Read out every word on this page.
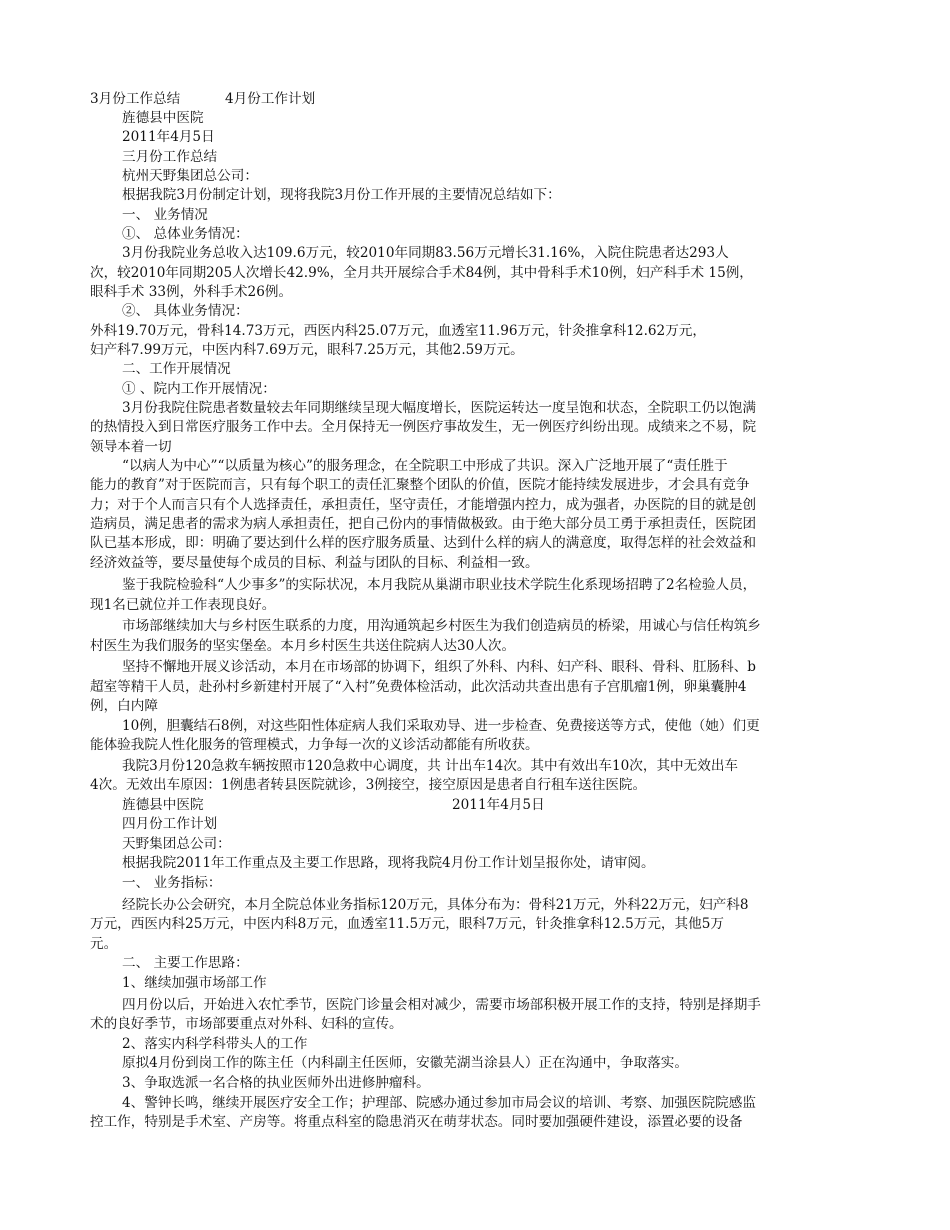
3月份工作总结	4月份工作计划
旌德县中医院
2011年4月5日
三月份工作总结
杭州天野集团总公司：
根据我院3月份制定计划，现将我院3月份工作开展的主要情况总结如下：
一、 业务情况
①、 总体业务情况：
3月份我院业务总收入达109.6万元，较2010年同期83.56万元增长31.16%，入院住院患者达293人
次，较2010年同期205人次增长42.9%，全月共开展综合手术84例，其中骨科手术10例，妇产科手术 15例，
眼科手术 33例，外科手术26例。
②、 具体业务情况：
外科19.70万元，骨科14.73万元，西医内科25.07万元，血透室11.96万元，针灸推拿科12.62万元，
妇产科7.99万元，中医内科7.69万元，眼科7.25万元，其他2.59万元。
二、工作开展情况
① 、院内工作开展情况：
3月份我院住院患者数量较去年同期继续呈现大幅度增长，医院运转达一度呈饱和状态，全院职工仍以饱满
的热情投入到日常医疗服务工作中去。全月保持无一例医疗事故发生，无一例医疗纠纷出现。成绩来之不易，院
领导本着一切
“以病人为中心”“以质量为核心”的服务理念，在全院职工中形成了共识。深入广泛地开展了“责任胜于
能力的教育”对于医院而言，只有每个职工的责任汇聚整个团队的价值，医院才能持续发展进步，才会具有竞争
力；对于个人而言只有个人选择责任，承担责任，坚守责任，才能增强内控力，成为强者，办医院的目的就是创
造病员，满足患者的需求为病人承担责任，把自己份内的事情做极致。由于绝大部分员工勇于承担责任，医院团
队已基本形成，即：明确了要达到什么样的医疗服务质量、达到什么样的病人的满意度，取得怎样的社会效益和
经济效益等，要尽量使每个成员的目标、利益与团队的目标、利益相一致。
鉴于我院检验科“人少事多”的实际状况，本月我院从巢湖市职业技术学院生化系现场招聘了2名检验人员，
现1名已就位并工作表现良好。
市场部继续加大与乡村医生联系的力度，用沟通筑起乡村医生为我们创造病员的桥梁，用诚心与信任构筑乡
村医生为我们服务的坚实堡垒。本月乡村医生共送住院病人达30人次。
坚持不懈地开展义诊活动，本月在市场部的协调下，组织了外科、内科、妇产科、眼科、骨科、肛肠科、b
超室等精干人员，赴孙村乡新建村开展了“入村”免费体检活动，此次活动共查出患有子宫肌瘤1例，卵巢囊肿4
例，白内障
10例，胆囊结石8例，对这些阳性体症病人我们采取劝导、进一步检查、免费接送等方式，使他（她）们更
能体验我院人性化服务的管理模式，力争每一次的义诊活动都能有所收获。
我院3月份120急救车辆按照市120急救中心调度，共 计出车14次。其中有效出车10次，其中无效出车
4次。无效出车原因：1例患者转县医院就诊，3例接空，接空原因是患者自行租车送往医院。
旌德县中医院	2011年4月5日
四月份工作计划
天野集团总公司：
根据我院2011年工作重点及主要工作思路，现将我院4月份工作计划呈报你处，请审阅。
一、 业务指标：
经院长办公会研究，本月全院总体业务指标120万元，具体分布为：骨科21万元，外科22万元，妇产科8
万元，西医内科25万元，中医内科8万元，血透室11.5万元，眼科7万元，针灸推拿科12.5万元，其他5万
元。
二、 主要工作思路：
1、继续加强市场部工作
四月份以后，开始进入农忙季节，医院门诊量会相对减少，需要市场部积极开展工作的支持，特别是择期手
术的良好季节，市场部要重点对外科、妇科的宣传。
2、落实内科学科带头人的工作
原拟4月份到岗工作的陈主任（内科副主任医师，安徽芜湖当涂县人）正在沟通中，争取落实。
3、争取选派一名合格的执业医师外出进修肿瘤科。
4、警钟长鸣，继续开展医疗安全工作；护理部、院感办通过参加市局会议的培训、考察、加强医院院感监
控工作，特别是手术室、产房等。将重点科室的隐患消灭在萌芽状态。同时要加强硬件建设，添置必要的设备
